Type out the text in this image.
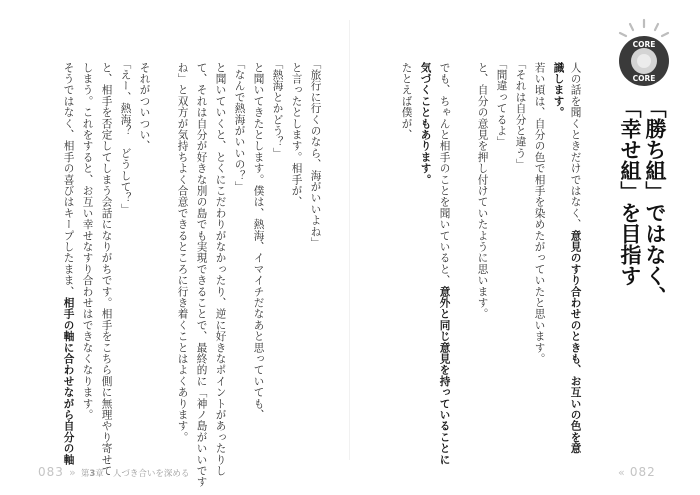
CORE
CORE
「勝ち組」ではなく、
「幸せ組」を目指す
人の話を聞くときだけではなく、意見のすり合わせのときも、お互いの色を意
識します。
若い頃は、自分の色で相手を染めたがっていたと思います。
「それは自分と違う」
「間違ってるよ」
と、自分の意見を押し付けていたように思います。
でも、ちゃんと相手のことを聞いていると、意外と同じ意見を持っていることに
気づくこともあります。
たとえば僕が、
「旅行に行くのなら、海がいいよね」
と言ったとします。相手が、
「熱海とかどう？」
と聞いてきたとします。僕は、熱海、イマイチだなあと思っていても、
「なんで熱海がいいの？」
と聞いていくと、とくにこだわりがなかったり、逆に好きなポイントがあったりし
て、それは自分が好きな別の島でも実現できることで、最終的に「神ノ島がいいです
ね」と双方が気持ちよく合意できるところに行き着くことはよくあります。
それがついつい、
「えー、熱海？　どうして？」
と、相手を否定してしまう会話になりがちです。相手をこちら側に無理やり寄せて
しまう。これをすると、お互い幸せなすり合わせはできなくなります。
そうではなく、相手の喜びはキープしたまま、相手の軸に合わせながら自分の軸
083 » 第3章 人づき合いを深める	« 082
